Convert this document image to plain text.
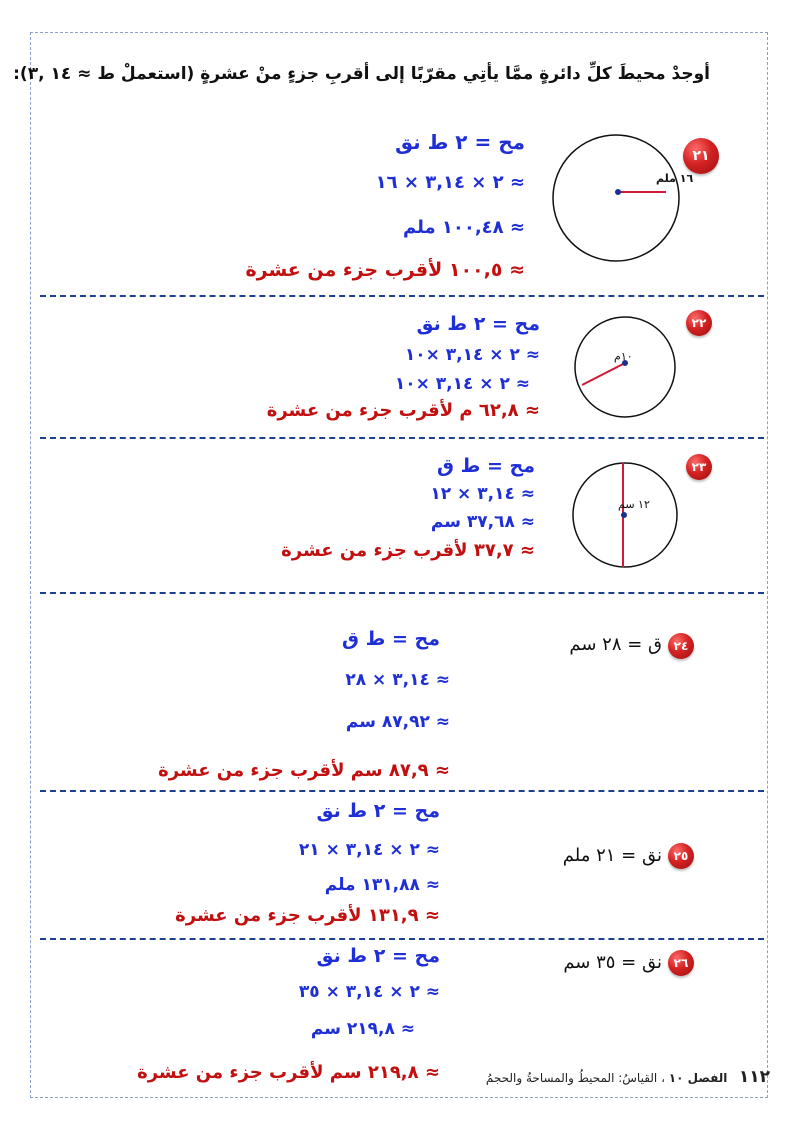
أوجدْ محيطَ كلِّ دائرةٍ ممَّا يأتِي مقرّبًا إلى أقربِ جزءٍ منْ عشرةٍ (استعملْ ط ≈ ١٤ ,٣):
٢١
١٦ ملم
مح = ٢ ط نق
≈ ٢ × ٣,١٤ × ١٦
≈ ١٠٠,٤٨ ملم
≈ ١٠٠,٥ لأقرب جزء من عشرة
٢٢
١٠م
مح = ٢ ط نق
≈ ٢ × ٣,١٤ ×١٠
≈ ٢ × ٣,١٤ ×١٠
≈ ٦٢,٨ م لأقرب جزء من عشرة
٢٣
١٢ سم
مح = ط ق
≈ ٣,١٤ × ١٢
≈ ٣٧,٦٨ سم
≈ ٣٧,٧ لأقرب جزء من عشرة
٢٤
ق = ٢٨ سم
مح = ط ق
≈ ٣,١٤ × ٢٨
≈ ٨٧,٩٢ سم
≈ ٨٧,٩ سم لأقرب جزء من عشرة
٢٥
نق = ٢١ ملم
مح = ٢ ط نق
≈ ٢ × ٣,١٤ × ٢١
≈ ١٣١,٨٨ ملم
≈ ١٣١,٩ لأقرب جزء من عشرة
٢٦
نق = ٣٥ سم
مح = ٢ ط نق
≈ ٢ × ٣,١٤ × ٣٥
≈ ٢١٩,٨ سم
≈ ٢١٩,٨ سم لأقرب جزء من عشرة	١١٢   الفصل ١٠ ، القياسُ: المحيطُ والمساحةُ والحجمُ
